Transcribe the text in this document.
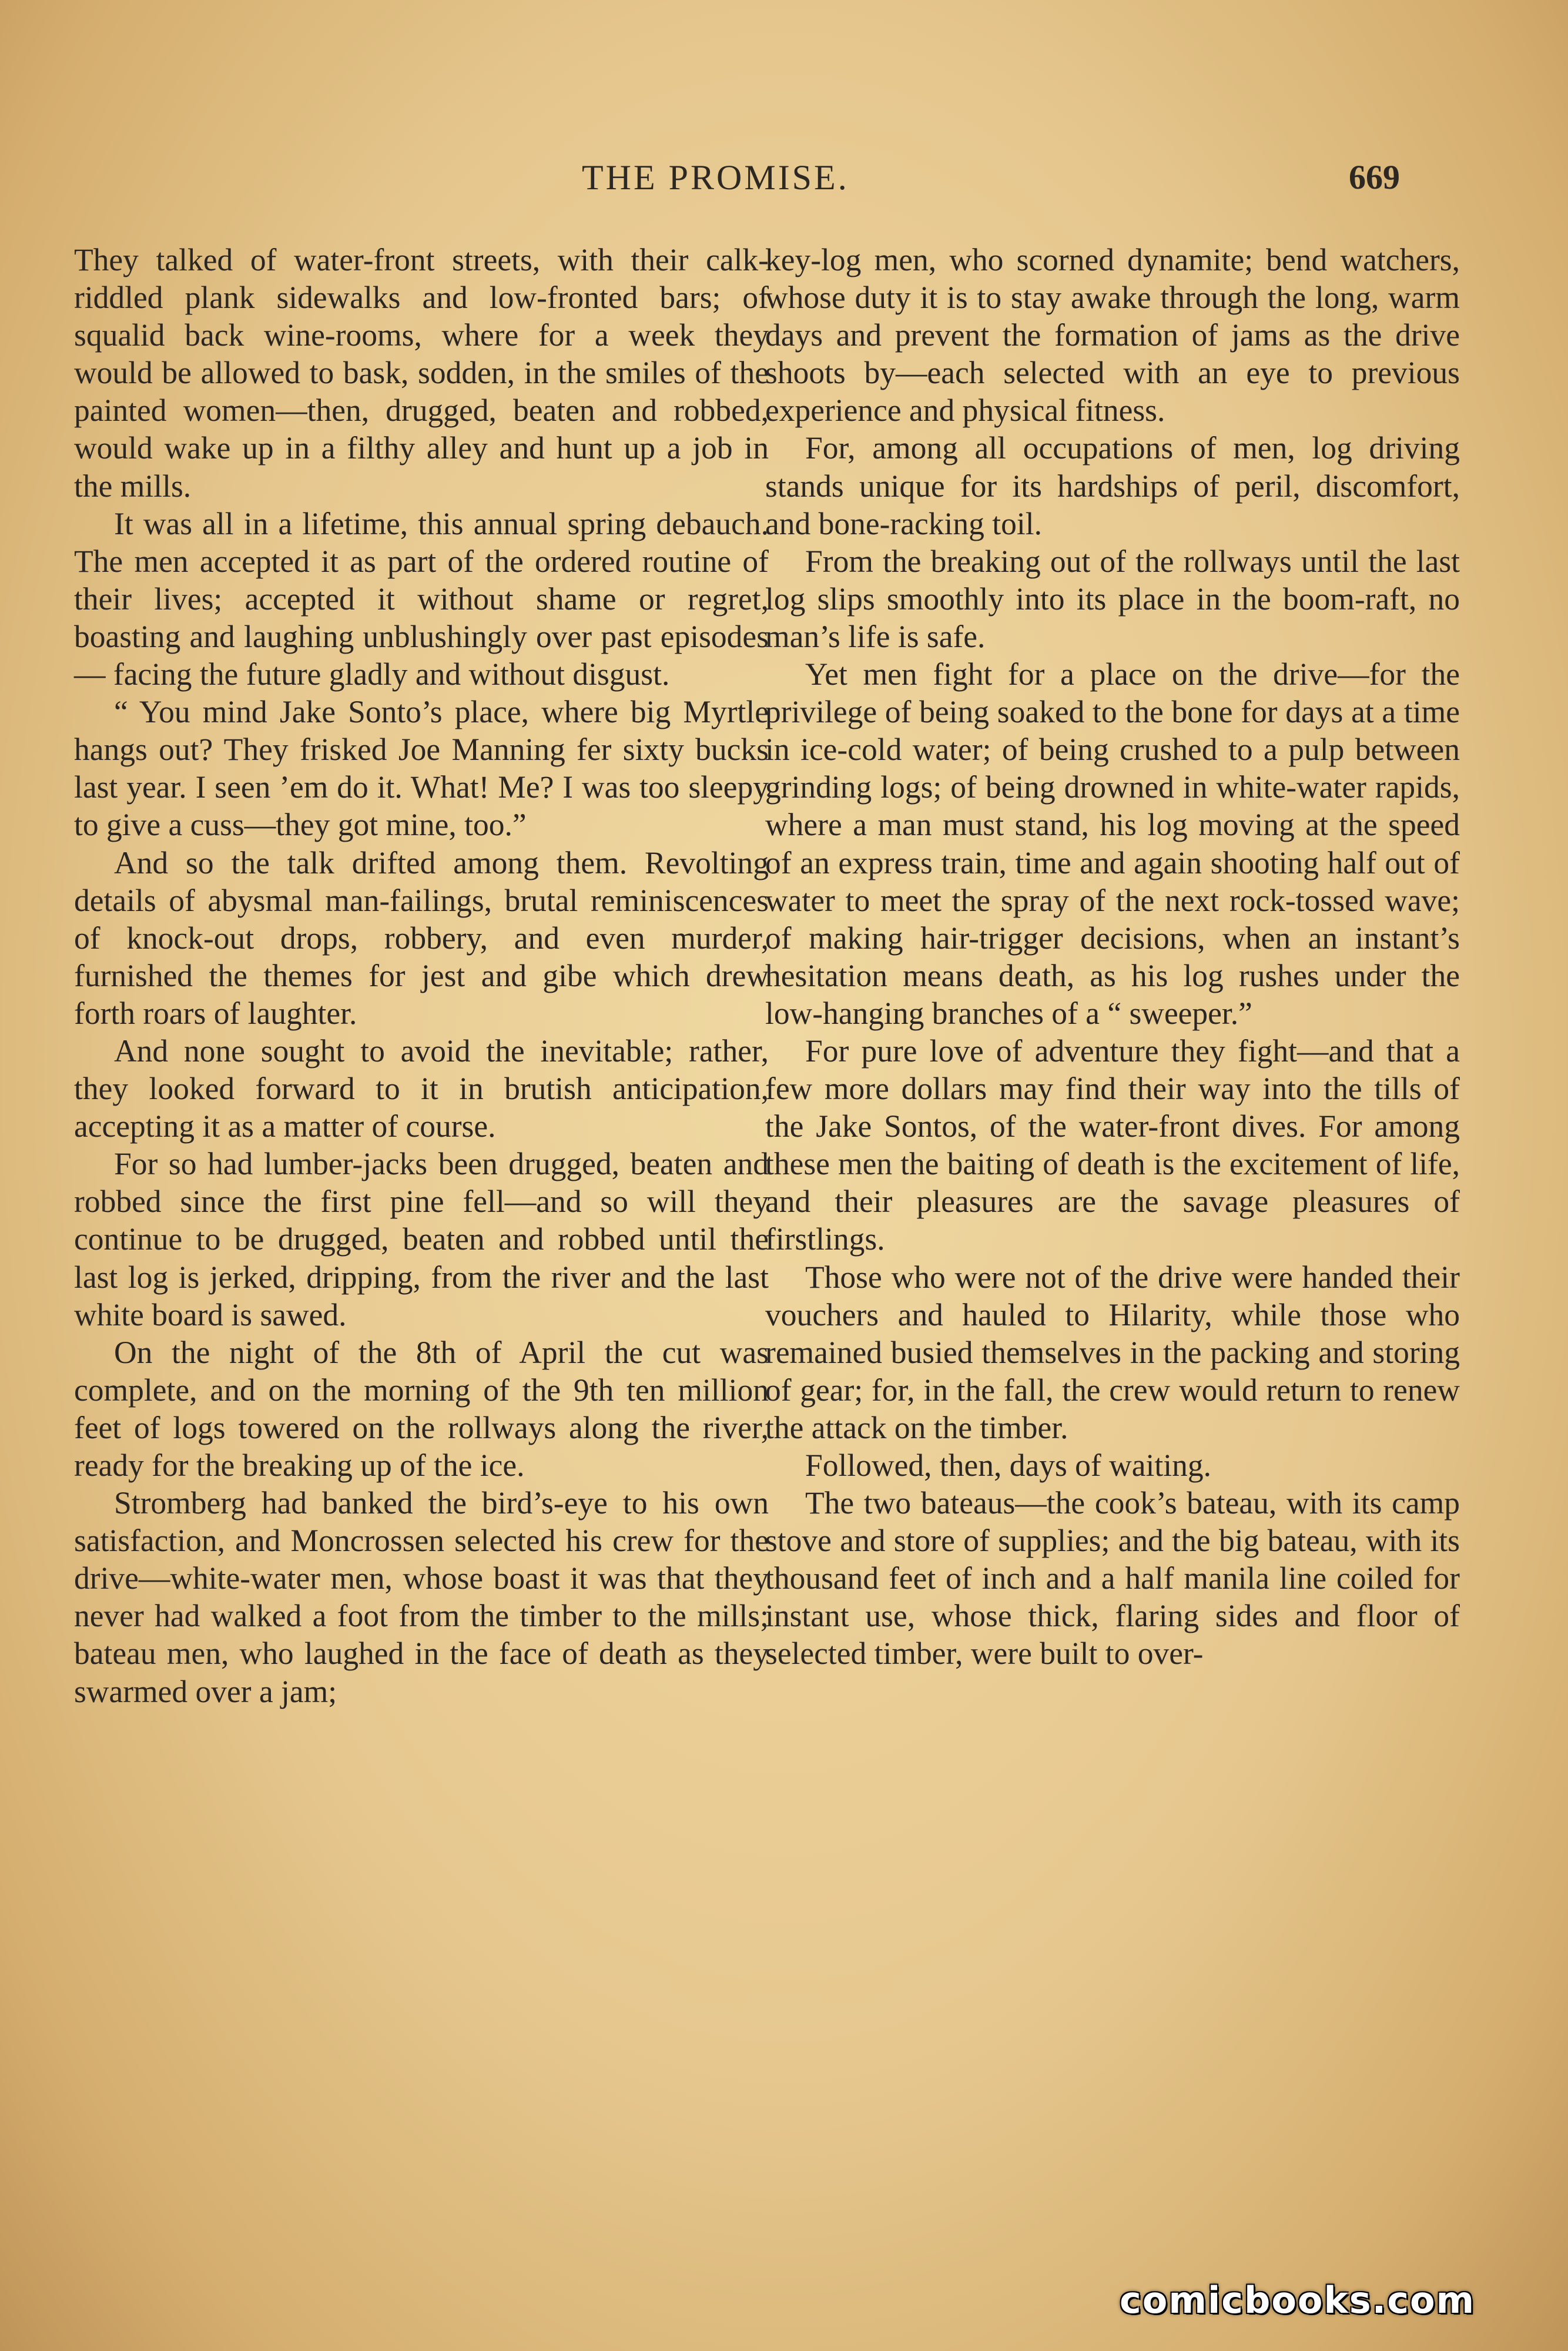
THE PROMISE.	669

They talked of water-front streets, with their calk-riddled plank sidewalks and low-fronted bars; of squalid back wine-rooms, where for a week they would be allowed to bask, sodden, in the smiles of the painted women—then, drugged, beaten and robbed, would wake up in a filthy alley and hunt up a job in the mills.

It was all in a lifetime, this annual spring debauch. The men accepted it as part of the ordered routine of their lives; accepted it without shame or regret, boasting and laughing unblushingly over past episodes — facing the future gladly and without disgust.

“ You mind Jake Sonto’s place, where big Myrtle hangs out? They frisked Joe Manning fer sixty bucks last year. I seen ’em do it. What! Me? I was too sleepy to give a cuss—they got mine, too.”

And so the talk drifted among them. Revolting details of abysmal man-failings, brutal reminiscences of knock-out drops, robbery, and even murder, furnished the themes for jest and gibe which drew forth roars of laughter.

And none sought to avoid the inevitable; rather, they looked forward to it in brutish anticipation, accepting it as a matter of course.

For so had lumber-jacks been drugged, beaten and robbed since the first pine fell—and so will they continue to be drugged, beaten and robbed until the last log is jerked, dripping, from the river and the last white board is sawed.

On the night of the 8th of April the cut was complete, and on the morning of the 9th ten million feet of logs towered on the rollways along the river, ready for the breaking up of the ice.

Stromberg had banked the bird’s-eye to his own satisfaction, and Moncrossen selected his crew for the drive—white-water men, whose boast it was that they never had walked a foot from the timber to the mills; bateau men, who laughed in the face of death as they swarmed over a jam;

key-log men, who scorned dynamite; bend watchers, whose duty it is to stay awake through the long, warm days and prevent the formation of jams as the drive shoots by—each selected with an eye to previous experience and physical fitness.

For, among all occupations of men, log driving stands unique for its hardships of peril, discomfort, and bone-racking toil.

From the breaking out of the rollways until the last log slips smoothly into its place in the boom-raft, no man’s life is safe.

Yet men fight for a place on the drive—for the privilege of being soaked to the bone for days at a time in ice-cold water; of being crushed to a pulp between grinding logs; of being drowned in white-water rapids, where a man must stand, his log moving at the speed of an express train, time and again shooting half out of water to meet the spray of the next rock-tossed wave; of making hair-trigger decisions, when an instant’s hesitation means death, as his log rushes under the low-hanging branches of a “ sweeper.”

For pure love of adventure they fight—and that a few more dollars may find their way into the tills of the Jake Sontos, of the water-front dives. For among these men the baiting of death is the excitement of life, and their pleasures are the savage pleasures of firstlings.

Those who were not of the drive were handed their vouchers and hauled to Hilarity, while those who remained busied themselves in the packing and storing of gear; for, in the fall, the crew would return to renew the attack on the timber.

Followed, then, days of waiting.

The two bateaus—the cook’s bateau, with its camp stove and store of supplies; and the big bateau, with its thousand feet of inch and a half manila line coiled for instant use, whose thick, flaring sides and floor of selected timber, were built to over-

comicbooks.com
